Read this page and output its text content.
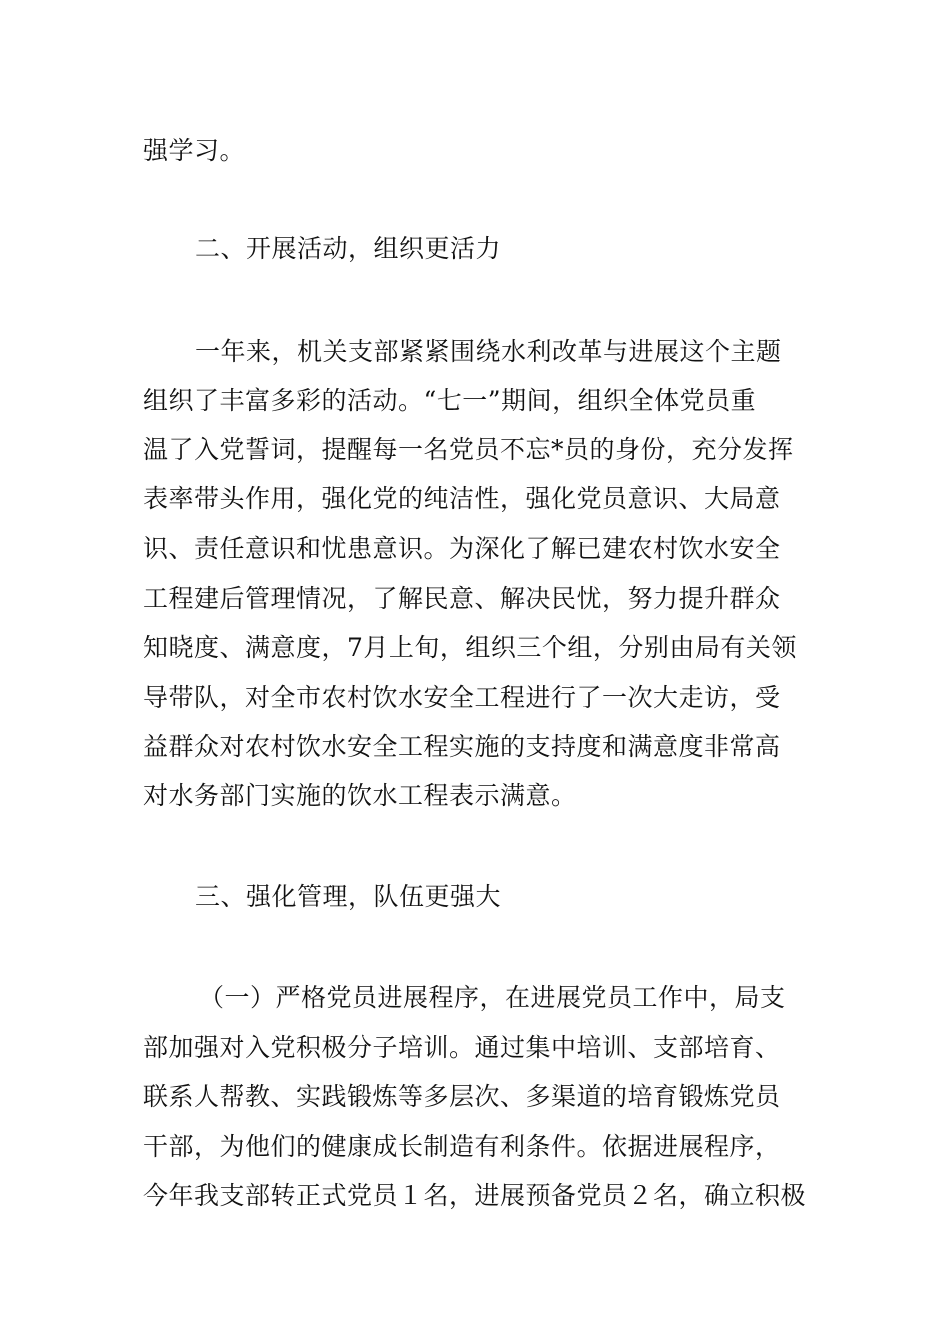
强学习。
二、开展活动，组织更活力
一年来，机关支部紧紧围绕水利改革与进展这个主题
组织了丰富多彩的活动。“七一”期间，组织全体党员重
温了入党誓词，提醒每一名党员不忘*员的身份，充分发挥
表率带头作用，强化党的纯洁性，强化党员意识、大局意
识、责任意识和忧患意识。为深化了解已建农村饮水安全
工程建后管理情况，了解民意、解决民忧，努力提升群众
知晓度、满意度，7月上旬，组织三个组，分别由局有关领
导带队，对全市农村饮水安全工程进行了一次大走访，受
益群众对农村饮水安全工程实施的支持度和满意度非常高
对水务部门实施的饮水工程表示满意。
三、强化管理，队伍更强大
（一）严格党员进展程序，在进展党员工作中，局支
部加强对入党积极分子培训。通过集中培训、支部培育、
联系人帮教、实践锻炼等多层次、多渠道的培育锻炼党员
干部，为他们的健康成长制造有利条件。依据进展程序，
今年我支部转正式党员１名，进展预备党员２名，确立积极
